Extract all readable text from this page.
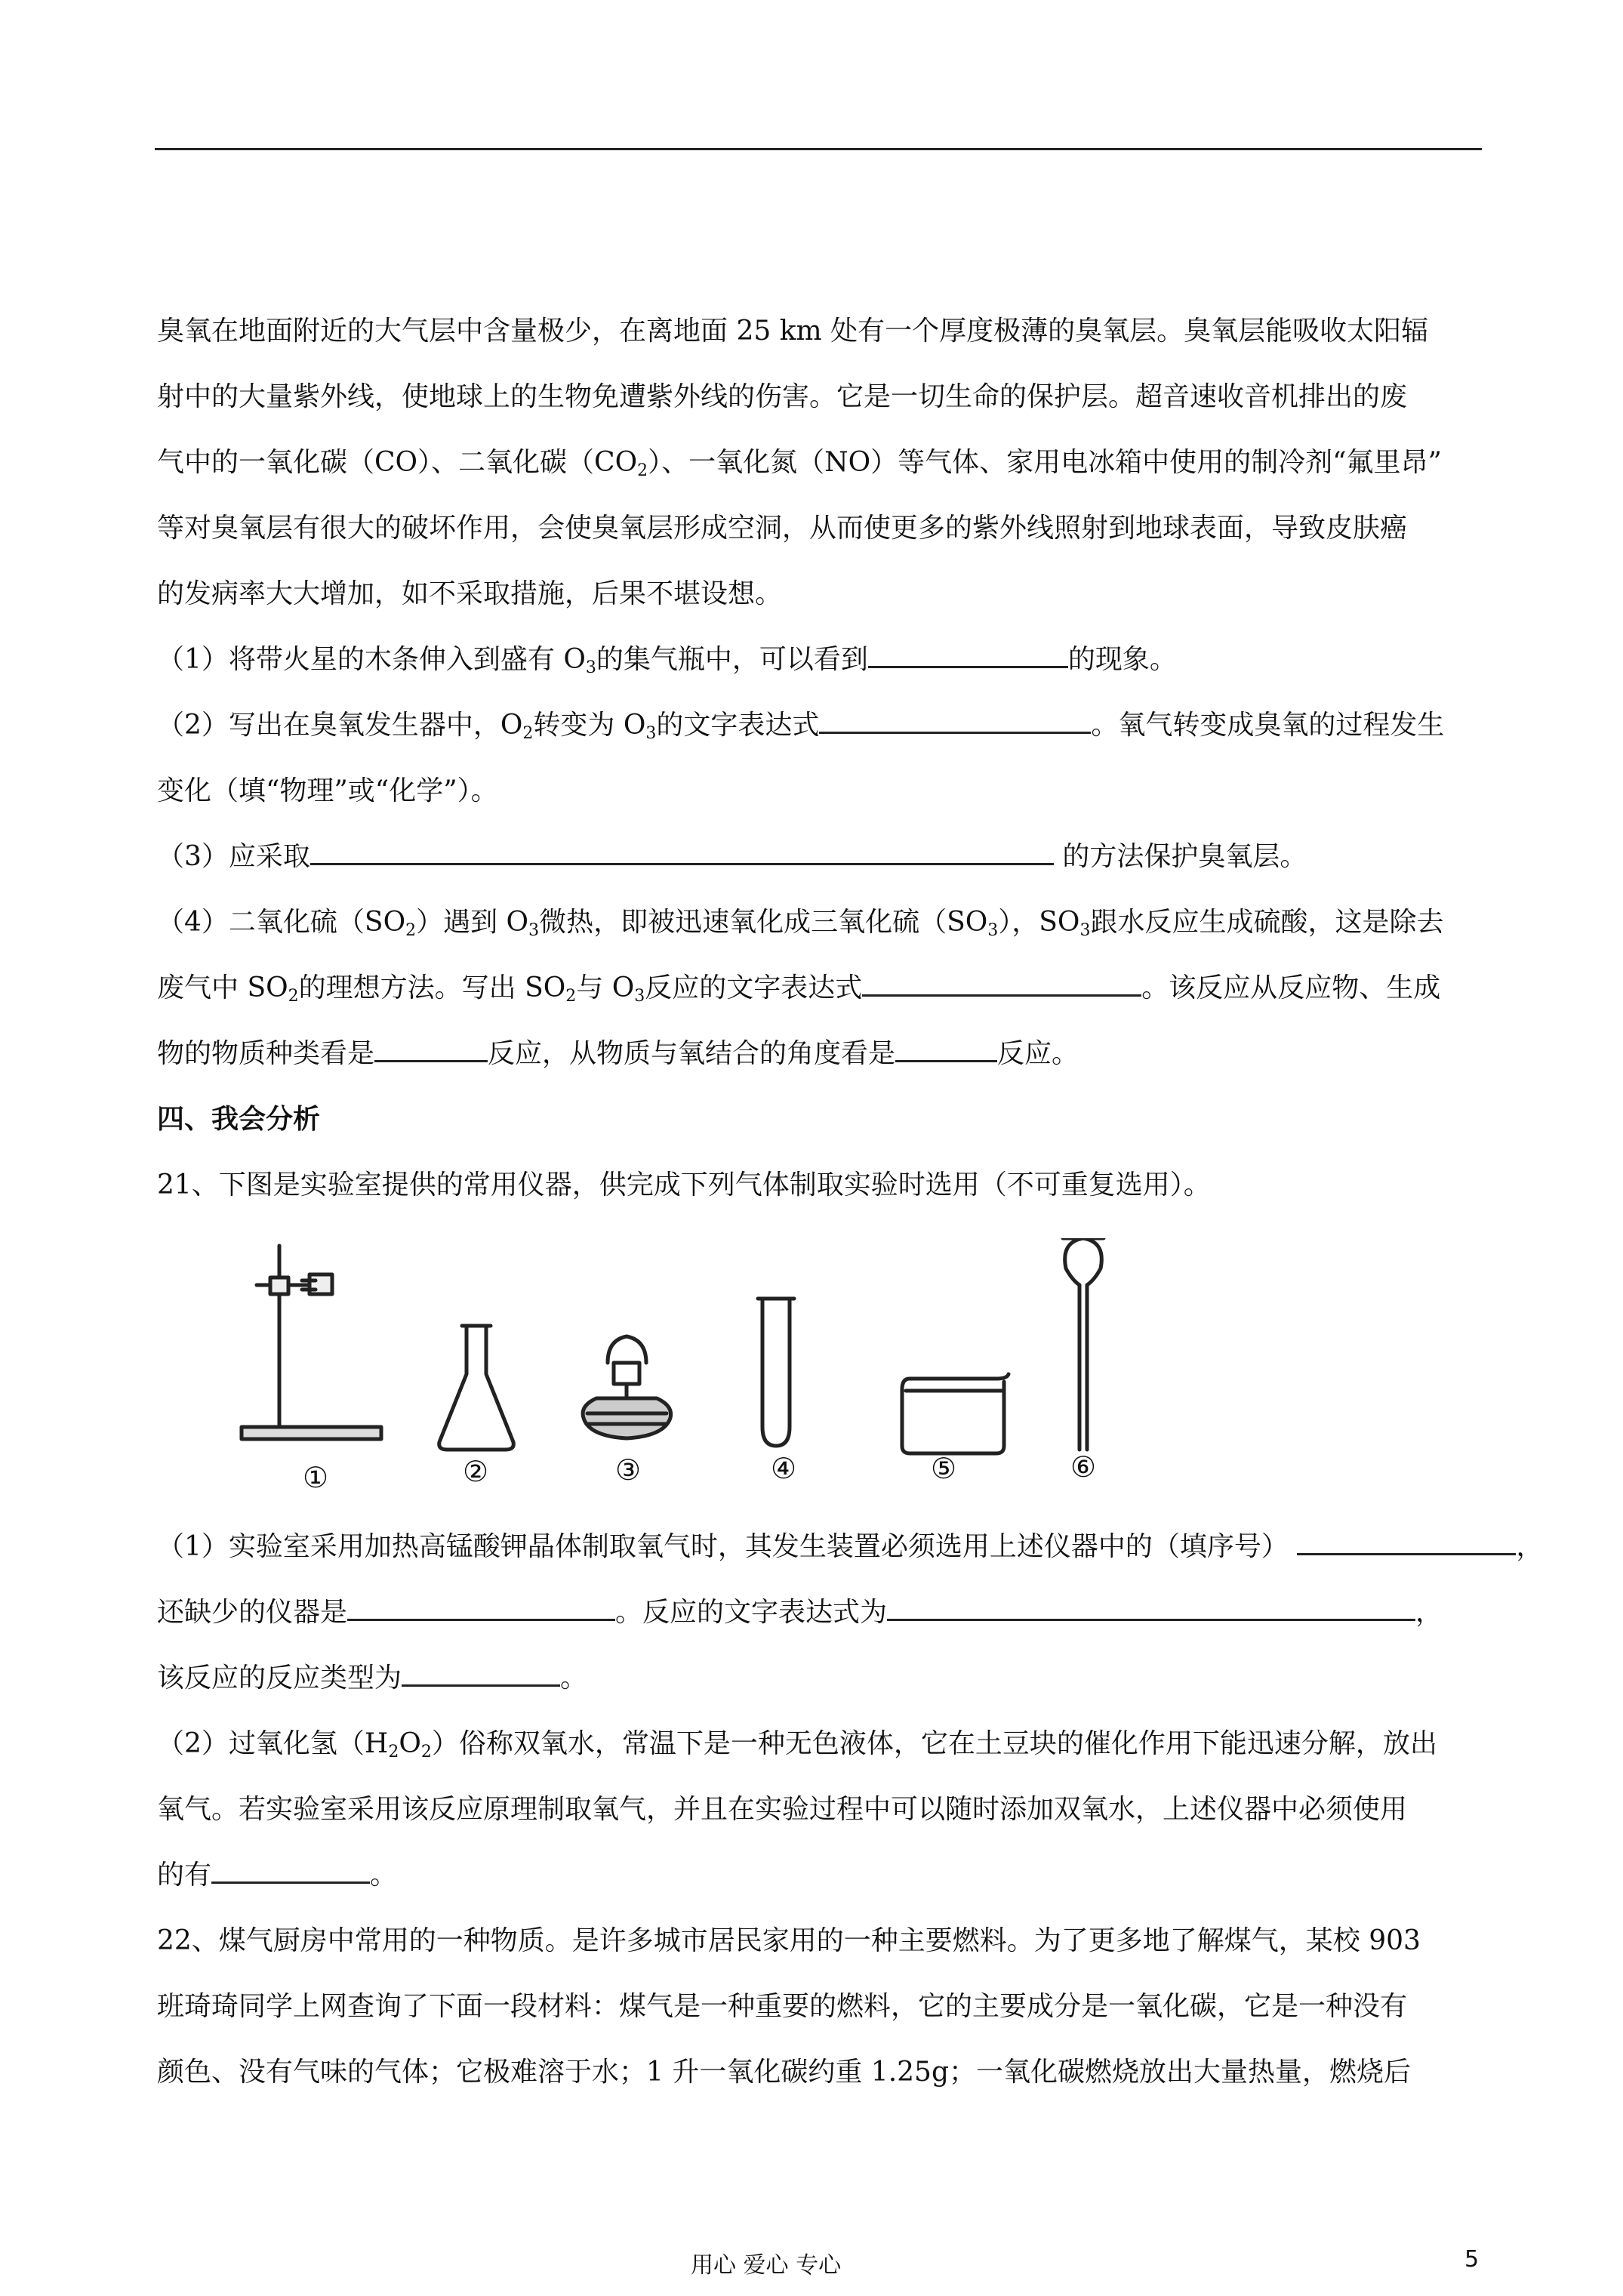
臭氧在地面附近的大气层中含量极少，在离地面 25 km 处有一个厚度极薄的臭氧层。臭氧层能吸收太阳辐

射中的大量紫外线，使地球上的生物免遭紫外线的伤害。它是一切生命的保护层。超音速收音机排出的废

气中的一氧化碳（CO）、二氧化碳$(CO_2)$、一氧化氮（NO）等气体、家用电冰箱中使用的制冷剂“氟里昂”

等对臭氧层有很大的破坏作用，会使臭氧层形成空洞，从而使更多的紫外线照射到地球表面，导致皮肤癌

的发病率大大增加，如不采取措施，后果不堪设想。

（1）将带火星的木条伸入到盛有 $O_3$的集气瓶中，可以看到	的现象。

（2）写出在臭氧发生器中，$O_2$转变为 $O_3$的文字表达式	。氧气转变成臭氧的过程发生

变化（填“物理”或“化学”）。

（3）应采取	的方法保护臭氧层。

（4）二氧化硫$(SO_2)$遇到 $O_3$微热，即被迅速氧化成三氧化硫$(SO_3)$，$SO_3$跟水反应生成硫酸，这是除去

废气中 $SO_2$的理想方法。写出 $SO_2$与 $O_3$反应的文字表达式	。该反应从反应物、生成

物的物质种类看是	反应，从物质与氧结合的角度看是	反应。

四、我会分析

21、下图是实验室提供的常用仪器，供完成下列气体制取实验时选用（不可重复选用）。

①	②	③	④	⑤	⑥

（1）实验室采用加热高锰酸钾晶体制取氧气时，其发生装置必须选用上述仪器中的（填序号）	，

还缺少的仪器是	。反应的文字表达式为	，

该反应的反应类型为	。

（2）过氧化氢$(H_2O_2)$俗称双氧水，常温下是一种无色液体，它在土豆块的催化作用下能迅速分解，放出

氧气。若实验室采用该反应原理制取氧气，并且在实验过程中可以随时添加双氧水，上述仪器中必须使用

的有	。

22、煤气厨房中常用的一种物质。是许多城市居民家用的一种主要燃料。为了更多地了解煤气，某校 903

班琦琦同学上网查询了下面一段材料：煤气是一种重要的燃料，它的主要成分是一氧化碳，它是一种没有

颜色、没有气味的气体；它极难溶于水；1 升一氧化碳约重 1.25g；一氧化碳燃烧放出大量热量，燃烧后

用心 爱心 专心	5
